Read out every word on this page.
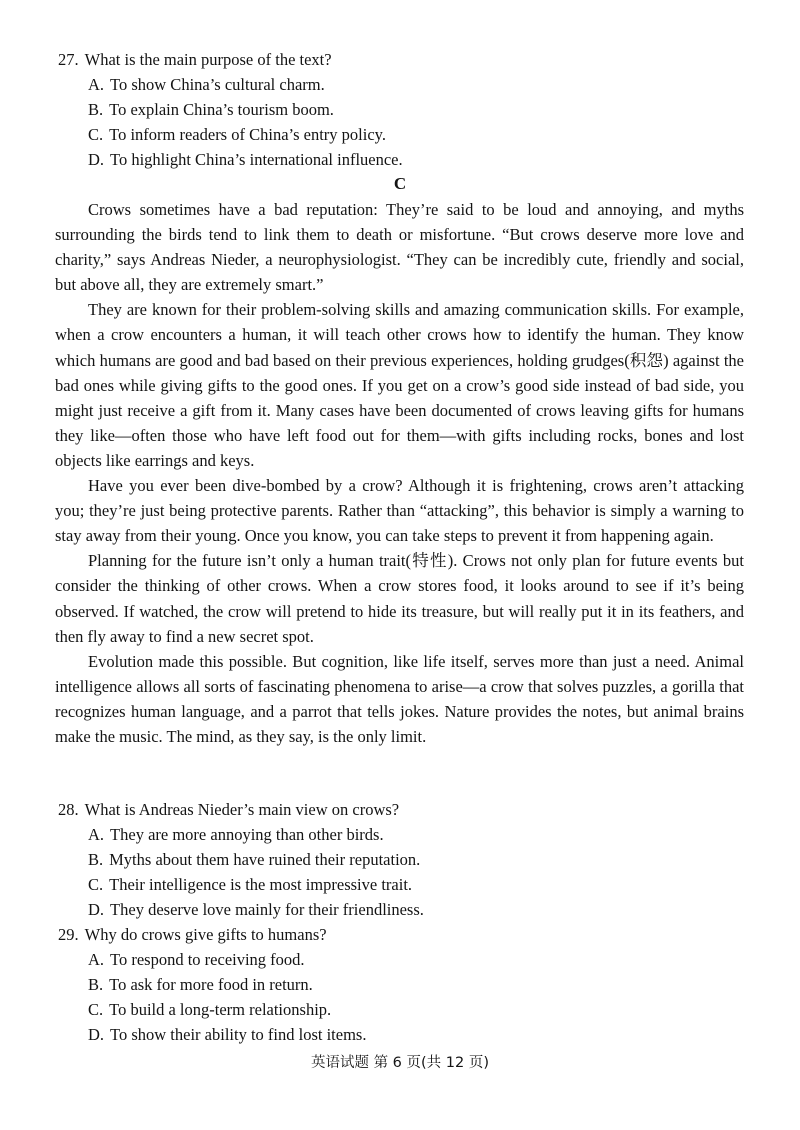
27. What is the main purpose of the text?
A. To show China’s cultural charm.
B. To explain China’s tourism boom.
C. To inform readers of China’s entry policy.
D. To highlight China’s international influence.
C

Crows sometimes have a bad reputation: They’re said to be loud and annoying, and myths surrounding the birds tend to link them to death or misfortune. “But crows deserve more love and charity,” says Andreas Nieder, a neurophysiologist. “They can be incredibly cute, friendly and social, but above all, they are extremely smart.”

They are known for their problem-solving skills and amazing communication skills. For example, when a crow encounters a human, it will teach other crows how to identify the human. They know which humans are good and bad based on their previous experiences, holding grudges(积怨) against the bad ones while giving gifts to the good ones. If you get on a crow’s good side instead of bad side, you might just receive a gift from it. Many cases have been documented of crows leaving gifts for humans they like—often those who have left food out for them—with gifts including rocks, bones and lost objects like earrings and keys.

Have you ever been dive-bombed by a crow? Although it is frightening, crows aren’t attacking you; they’re just being protective parents. Rather than “attacking”, this behavior is simply a warning to stay away from their young. Once you know, you can take steps to prevent it from happening again.

Planning for the future isn’t only a human trait(特性). Crows not only plan for future events but consider the thinking of other crows. When a crow stores food, it looks around to see if it’s being observed. If watched, the crow will pretend to hide its treasure, but will really put it in its feathers, and then fly away to find a new secret spot.

Evolution made this possible. But cognition, like life itself, serves more than just a need. Animal intelligence allows all sorts of fascinating phenomena to arise—a crow that solves puzzles, a gorilla that recognizes human language, and a parrot that tells jokes. Nature provides the notes, but animal brains make the music. The mind, as they say, is the only limit.

28. What is Andreas Nieder’s main view on crows?
A. They are more annoying than other birds.
B. Myths about them have ruined their reputation.
C. Their intelligence is the most impressive trait.
D. They deserve love mainly for their friendliness.
29. Why do crows give gifts to humans?
A. To respond to receiving food.
B. To ask for more food in return.
C. To build a long-term relationship.
D. To show their ability to find lost items.
英语试题 第 6 页(共 12 页)
